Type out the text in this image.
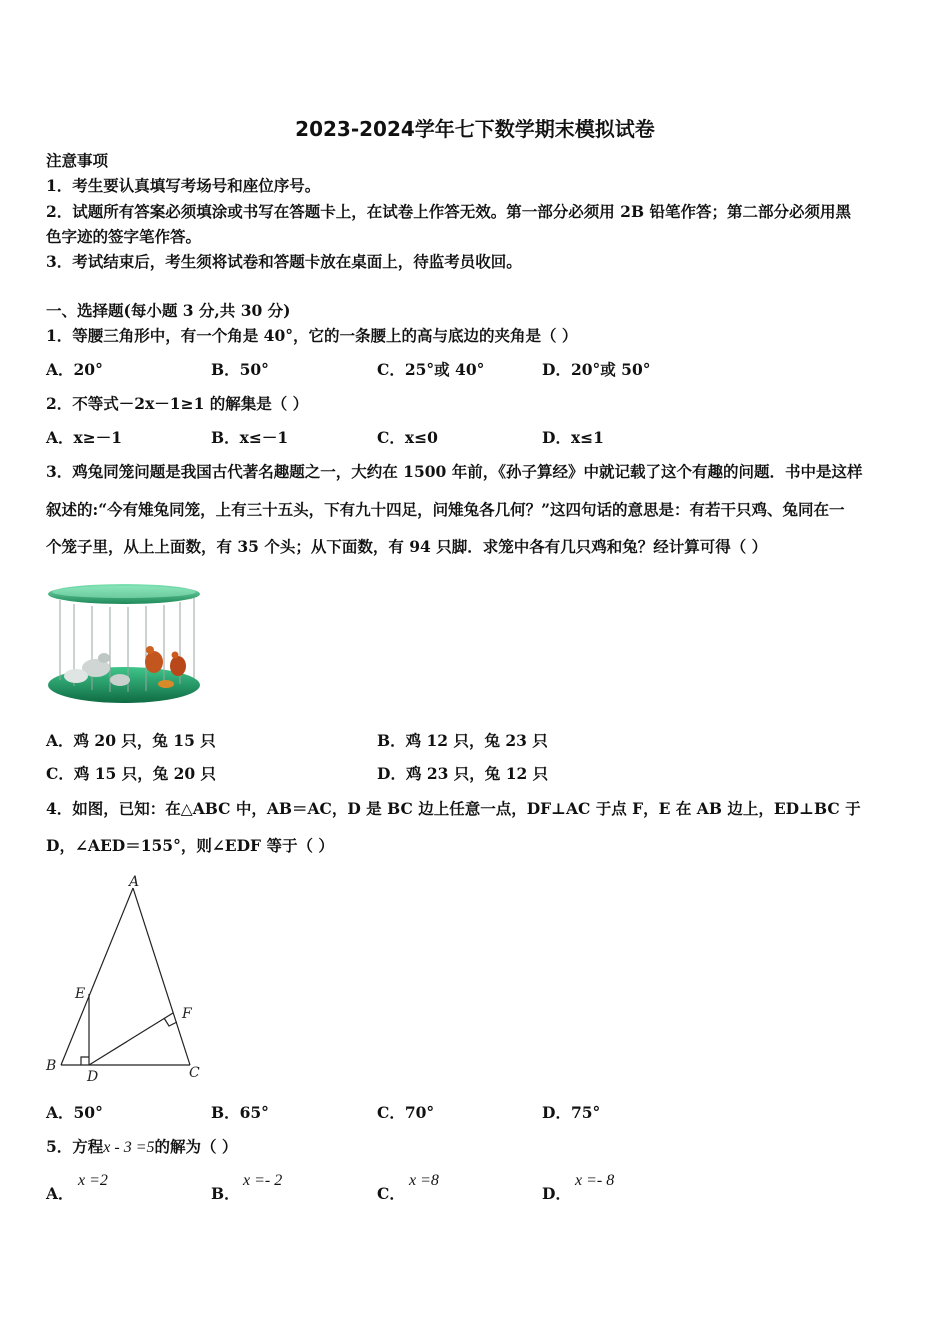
2023-2024学年七下数学期末模拟试卷
注意事项
1．考生要认真填写考场号和座位序号。
2．试题所有答案必须填涂或书写在答题卡上，在试卷上作答无效。第一部分必须用 2B 铅笔作答；第二部分必须用黑
色字迹的签字笔作答。
3．考试结束后，考生须将试卷和答题卡放在桌面上，待监考员收回。
一、选择题(每小题 3 分,共 30 分)
1．等腰三角形中，有一个角是 40°，它的一条腰上的高与底边的夹角是（ ）
A．20°	B．50°	C．25°或 40°	D．20°或 50°
2．不等式－2x－1≥1 的解集是（ ）
A．x≥－1	B．x≤－1	C．x≤0	D．x≤1
3．鸡兔同笼问题是我国古代著名趣题之一，大约在 1500 年前，《孙子算经》中就记载了这个有趣的问题．书中是这样
叙述的:“今有雉兔同笼，上有三十五头，下有九十四足，问雉兔各几何？”这四句话的意思是：有若干只鸡、兔同在一
个笼子里，从上上面数，有 35 个头；从下面数，有 94 只脚．求笼中各有几只鸡和兔？经计算可得（ ）
A．鸡 20 只，兔 15 只	B．鸡 12 只，兔 23 只
C．鸡 15 只，兔 20 只	D．鸡 23 只，兔 12 只
4．如图，已知：在△ABC 中，AB＝AC，D 是 BC 边上任意一点，DF⊥AC 于点 F，E 在 AB 边上，ED⊥BC 于
D，∠AED＝155°，则∠EDF 等于（ ）
A
E
F
B
D	C
A．50°	B．65°	C．70°	D．75°
5．方程x - 3 =5的解为（ ）
A．
x =2
B．
x =- 2
C．
x =8
D．
x =- 8
